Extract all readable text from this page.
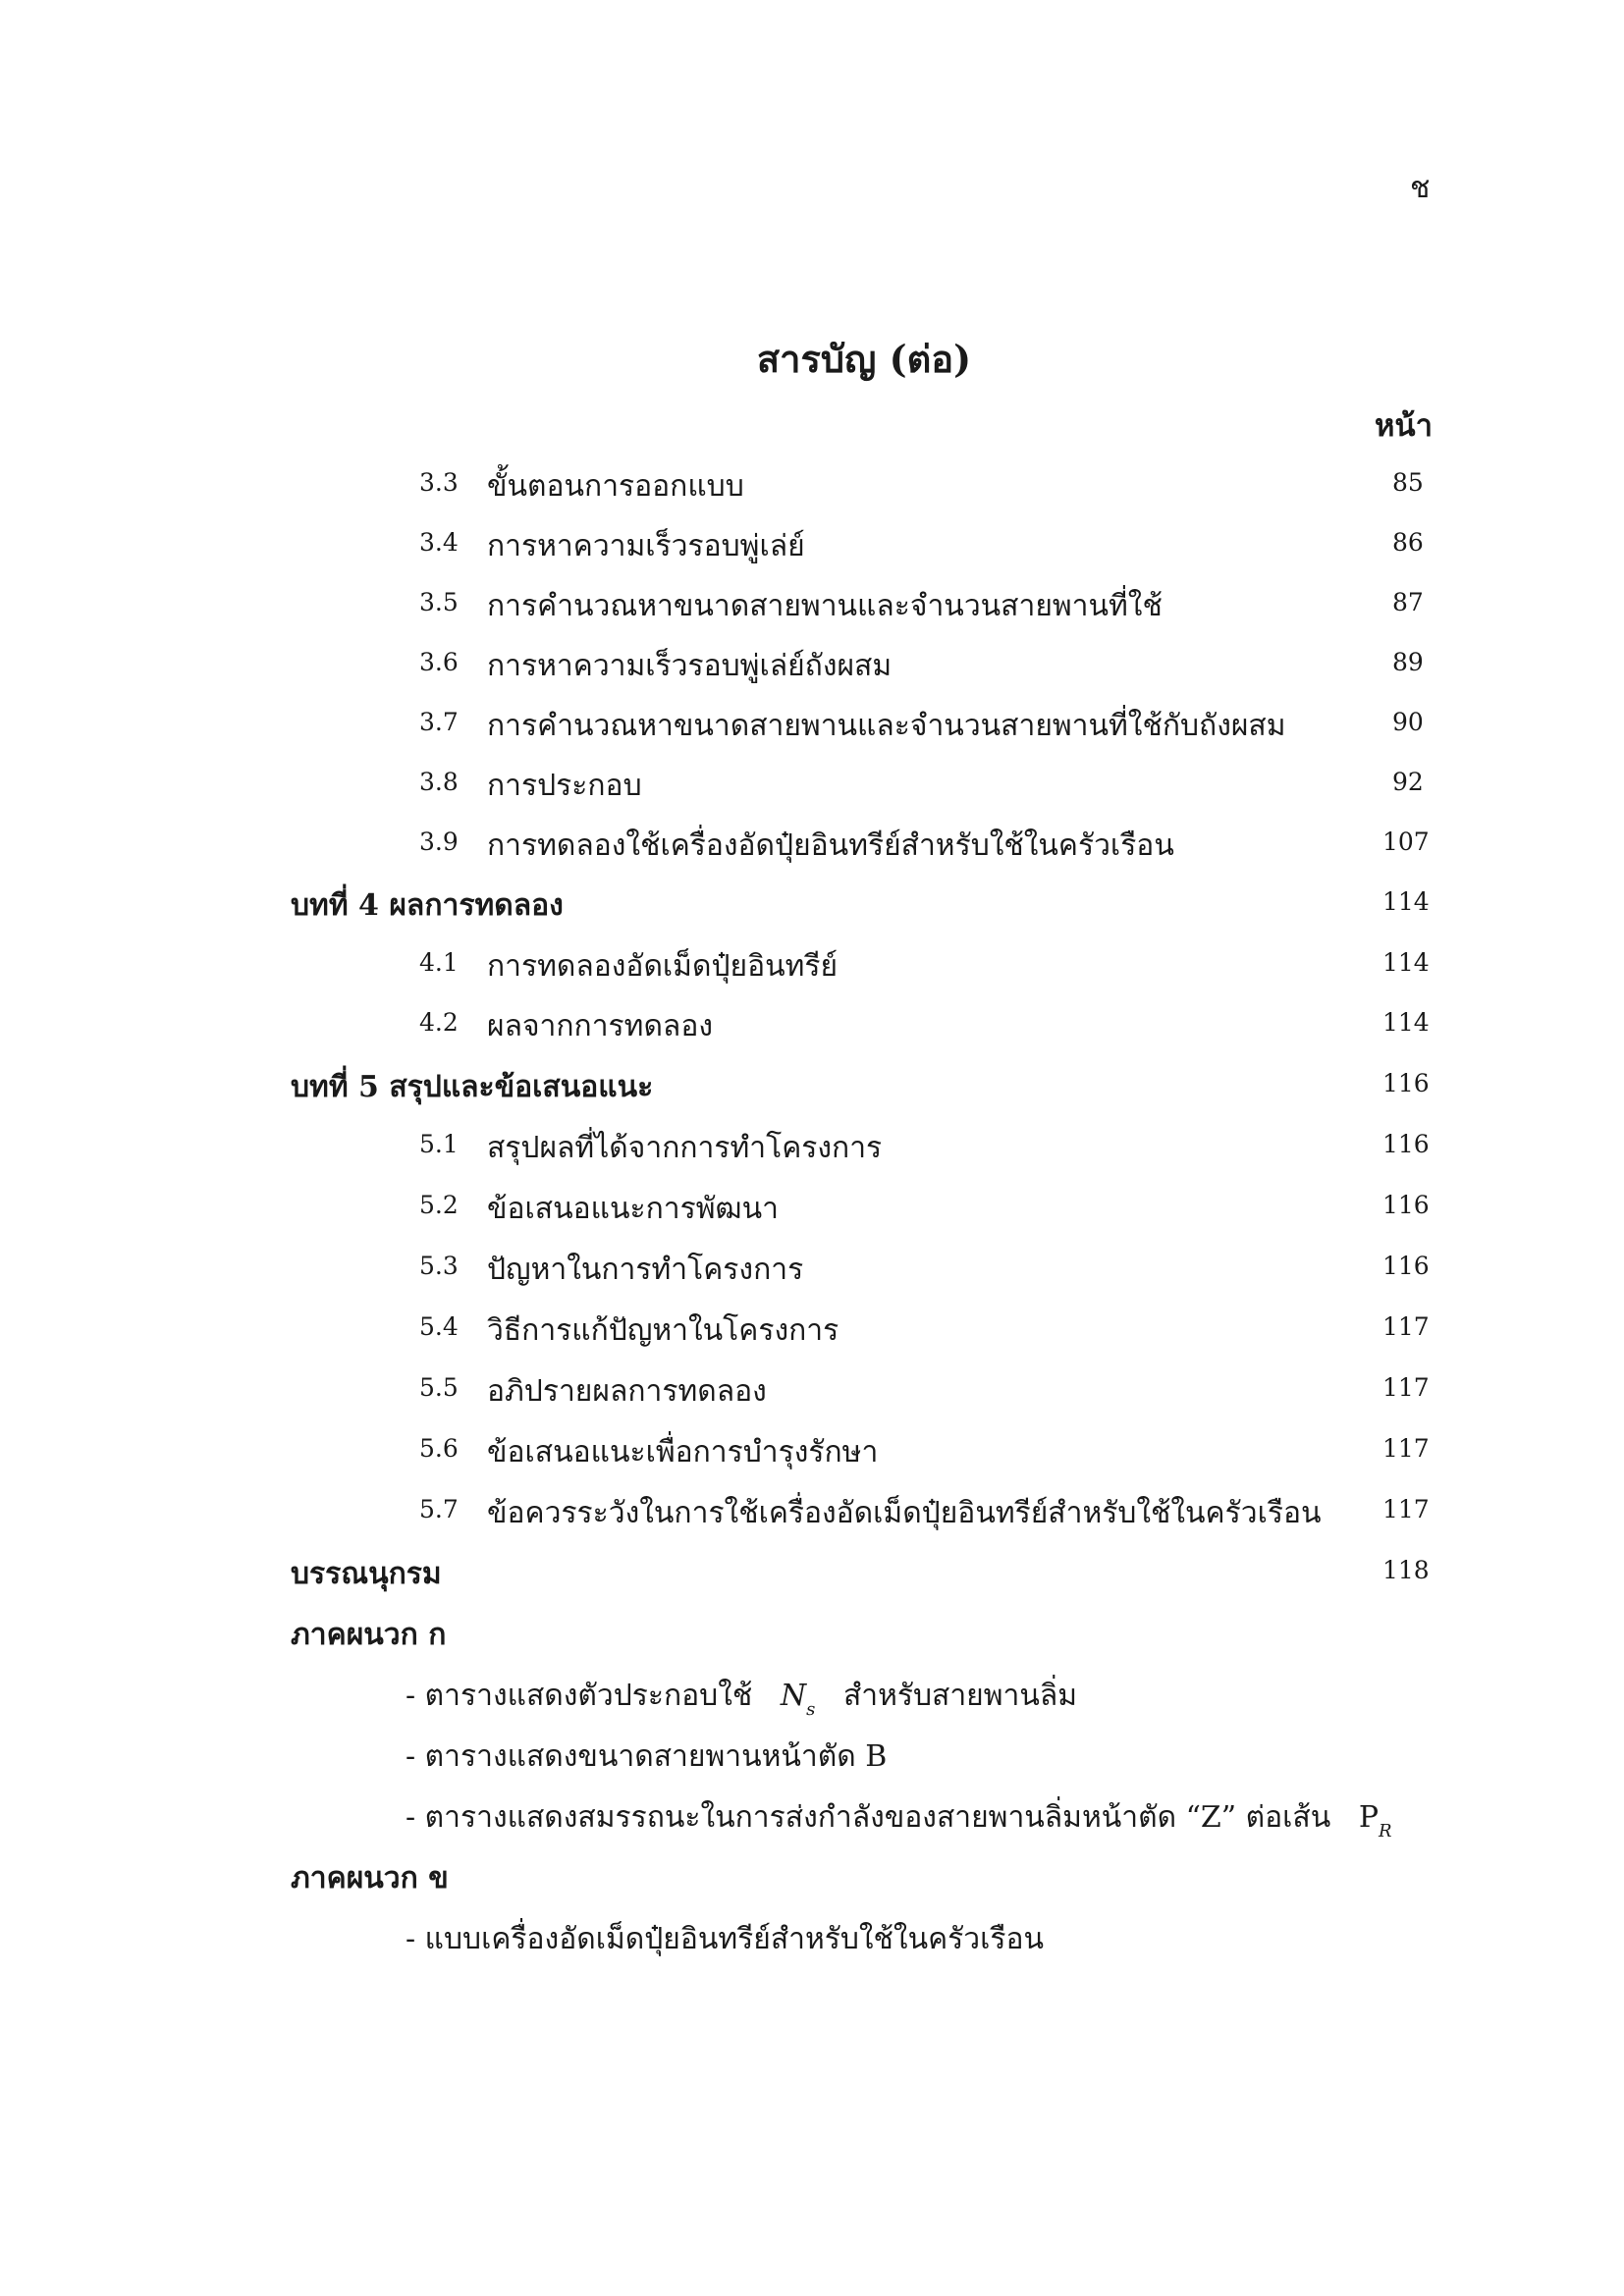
ช
สารบัญ (ต่อ)
หน้า
3.3 ขั้นตอนการออกแบบ	85
3.4 การหาความเร็วรอบพู่เล่ย์	86
3.5 การคำนวณหาขนาดสายพานและจำนวนสายพานที่ใช้	87
3.6 การหาความเร็วรอบพู่เล่ย์ถังผสม	89
3.7 การคำนวณหาขนาดสายพานและจำนวนสายพานที่ใช้กับถังผสม	90
3.8 การประกอบ	92
3.9 การทดลองใช้เครื่องอัดปุ๋ยอินทรีย์สำหรับใช้ในครัวเรือน	107
บทที่ 4 ผลการทดลอง	114
4.1 การทดลองอัดเม็ดปุ๋ยอินทรีย์	114
4.2 ผลจากการทดลอง	114
บทที่ 5 สรุปและข้อเสนอแนะ	116
5.1 สรุปผลที่ได้จากการทำโครงการ	116
5.2 ข้อเสนอแนะการพัฒนา	116
5.3 ปัญหาในการทำโครงการ	116
5.4 วิธีการแก้ปัญหาในโครงการ	117
5.5 อภิปรายผลการทดลอง	117
5.6 ข้อเสนอแนะเพื่อการบำรุงรักษา	117
5.7 ข้อควรระวังในการใช้เครื่องอัดเม็ดปุ๋ยอินทรีย์สำหรับใช้ในครัวเรือน	117
บรรณนุกรม	118
ภาคผนวก ก
- ตารางแสดงตัวประกอบใช้ $N_s$ สำหรับสายพานลิ่ม
- ตารางแสดงขนาดสายพานหน้าตัด B
- ตารางแสดงสมรรถนะในการส่งกำลังของสายพานลิ่มหน้าตัด “Z” ต่อเส้น $P_R$
ภาคผนวก ข
- แบบเครื่องอัดเม็ดปุ๋ยอินทรีย์สำหรับใช้ในครัวเรือน
